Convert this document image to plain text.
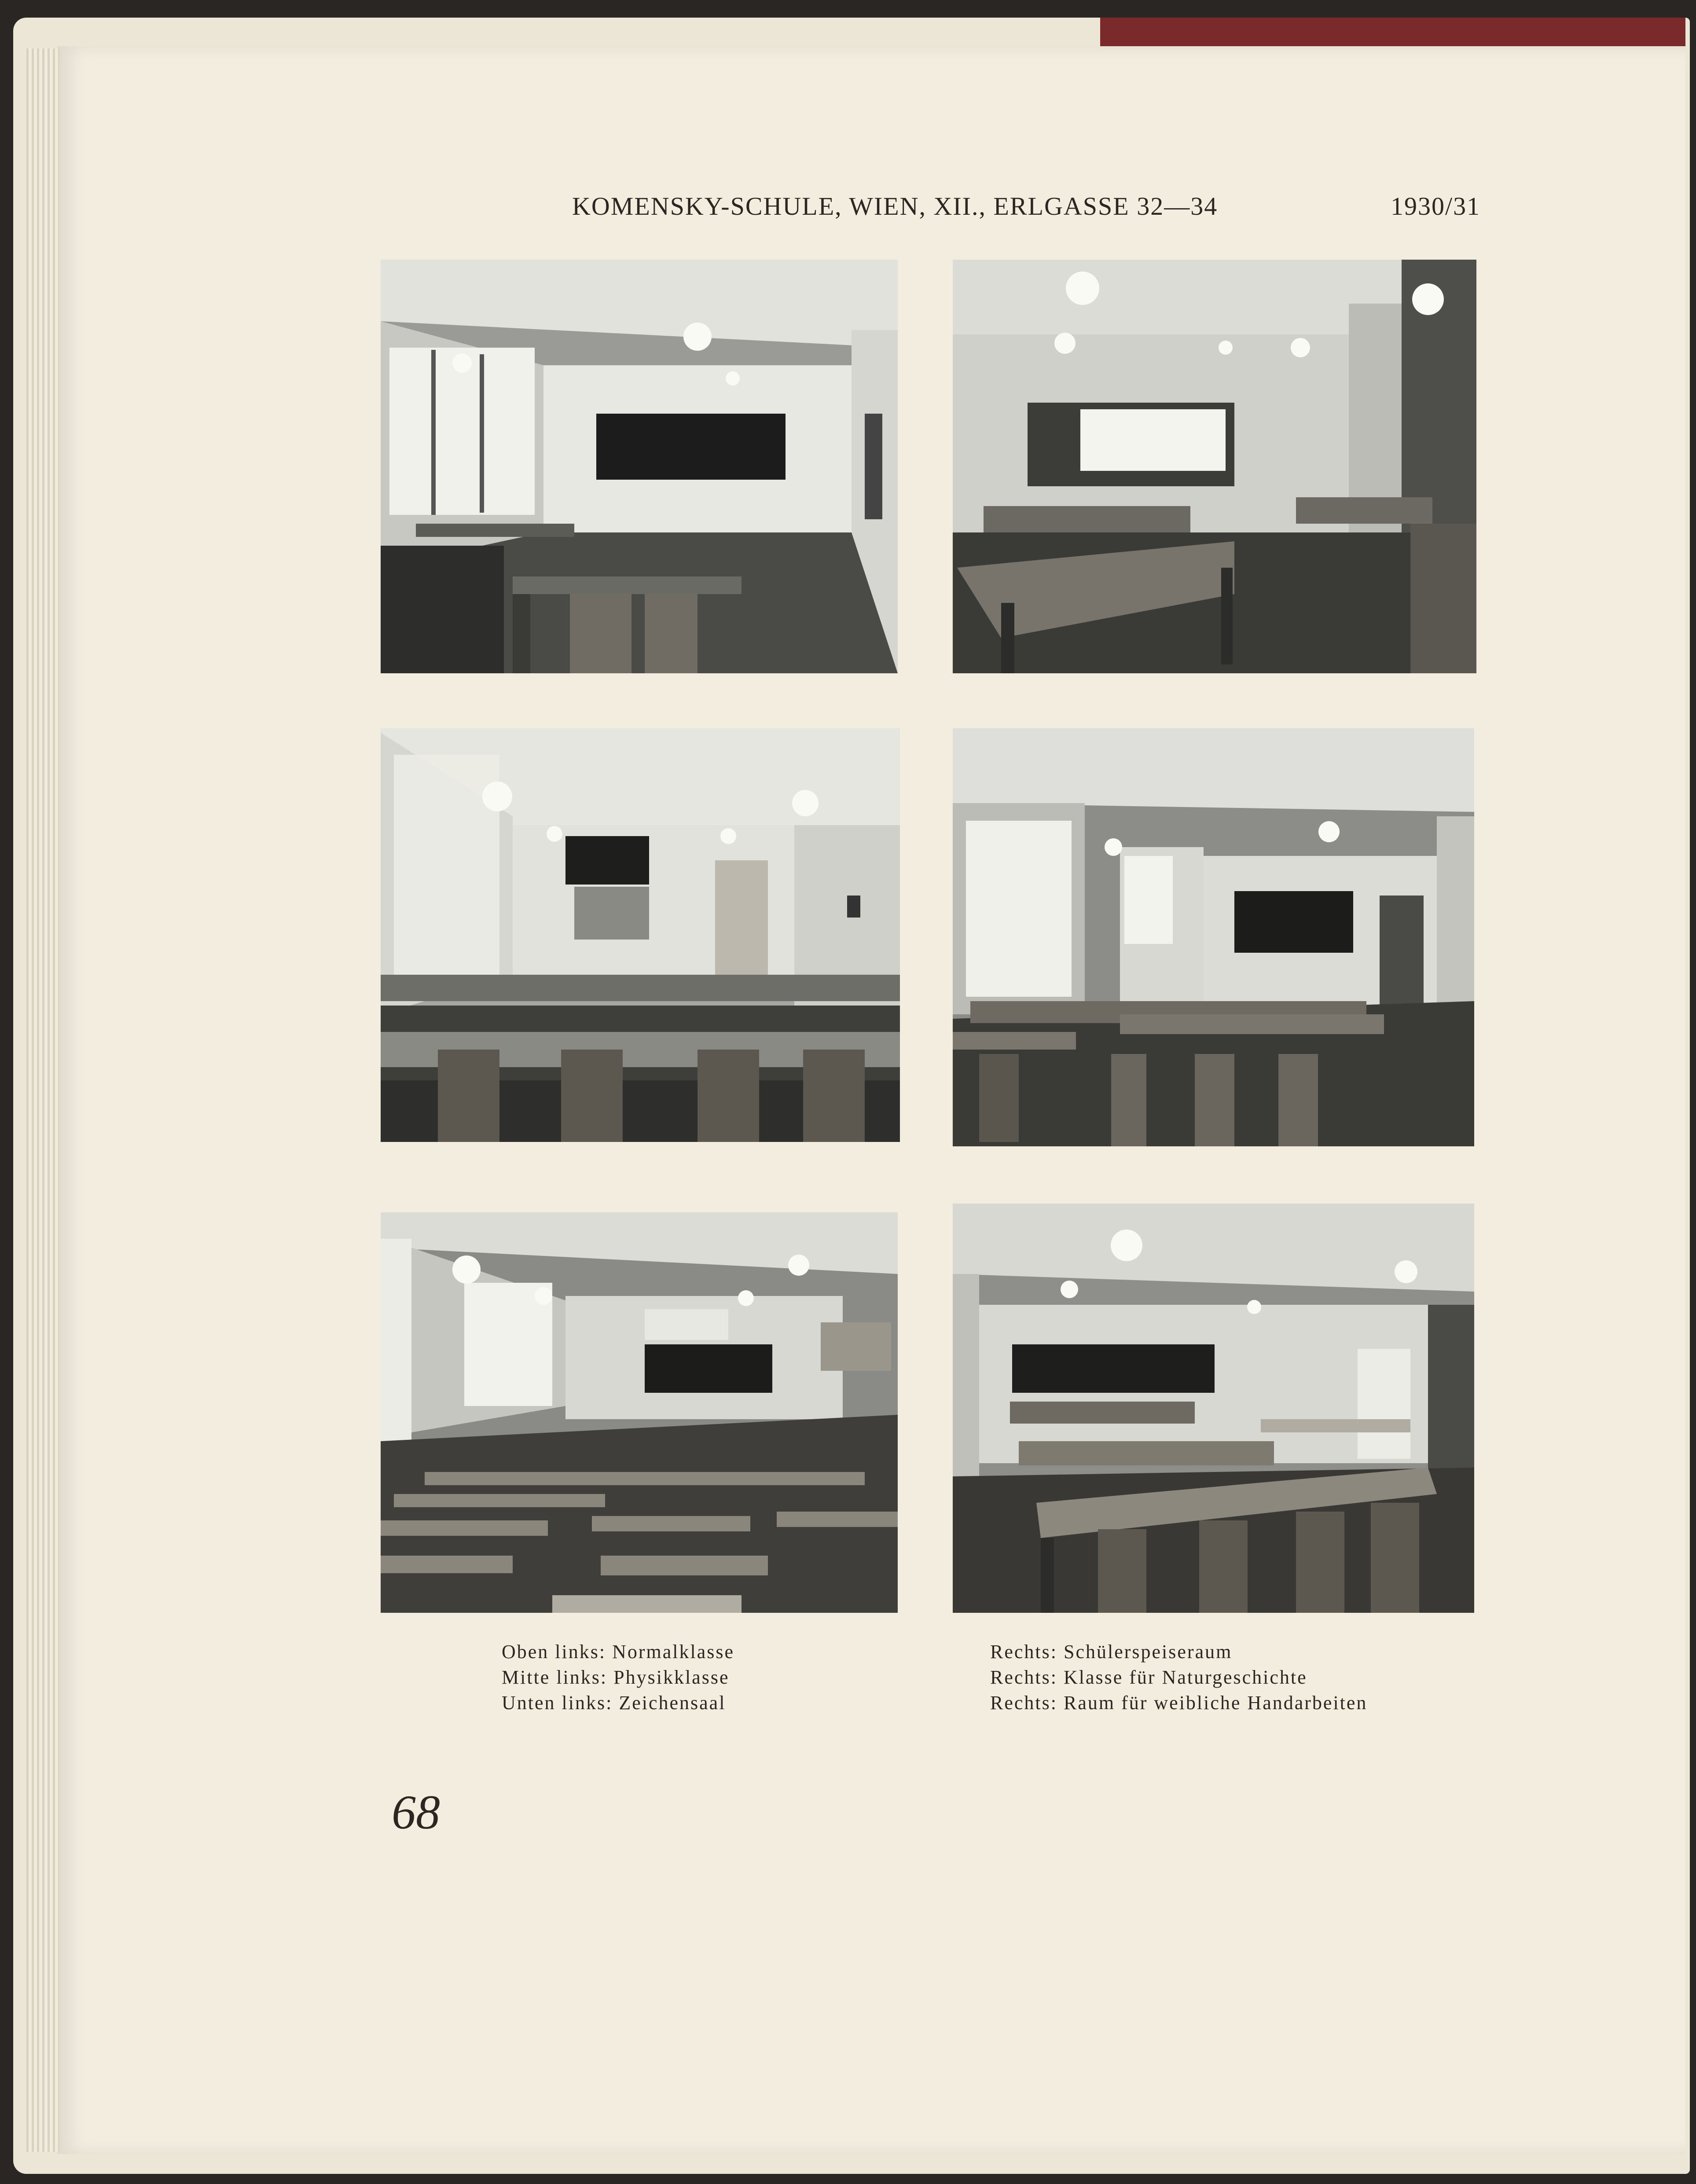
KOMENSKY-SCHULE, WIEN, XII., ERLGASSE 32—34	1930/31
Oben links: Normalklasse
Mitte links: Physikklasse
Unten links: Zeichensaal
Rechts: Schülerspeiseraum
Rechts: Klasse für Naturgeschichte
Rechts: Raum für weibliche Handarbeiten
68
